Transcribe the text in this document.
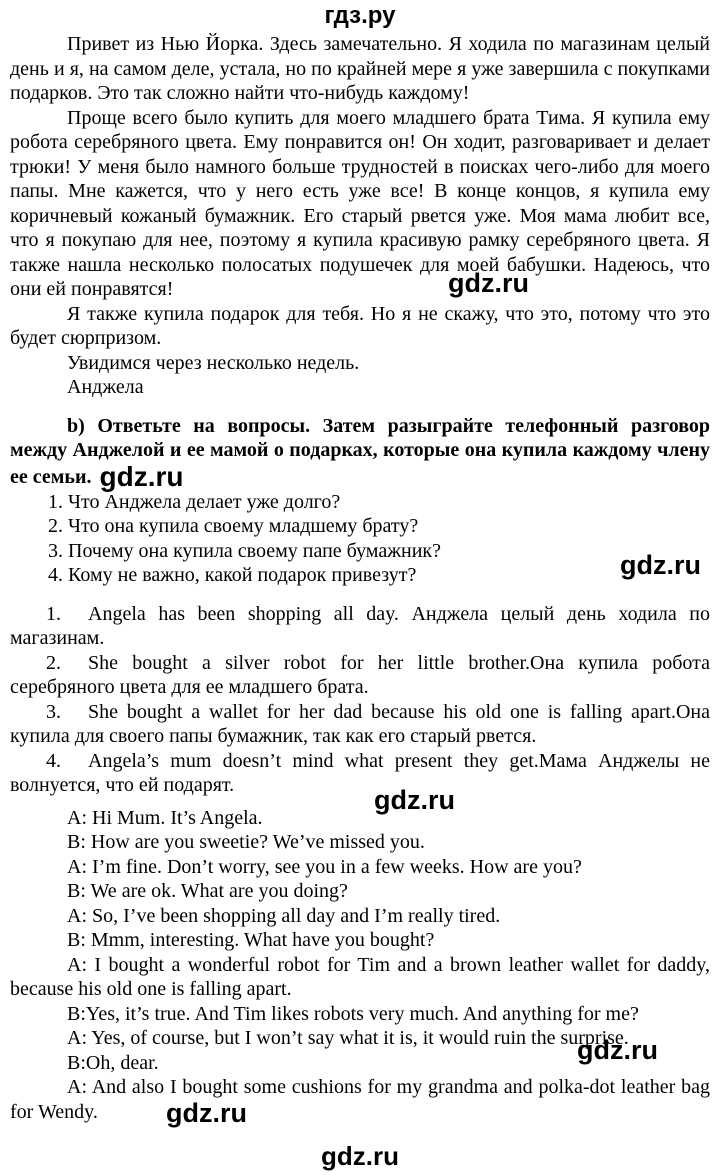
гдз.ру

Привет из Нью Йорка. Здесь замечательно. Я ходила по магазинам целый день и я, на самом деле, устала, но по крайней мере я уже завершила с покупками подарков. Это так сложно найти что-нибудь каждому!

Проще всего было купить для моего младшего брата Тима. Я купила ему робота серебряного цвета. Ему понравится он! Он ходит, разговаривает и делает трюки! У меня было намного больше трудностей в поисках чего-либо для моего папы. Мне кажется, что у него есть уже все! В конце концов, я купила ему коричневый кожаный бумажник. Его старый рвется уже. Моя мама любит все, что я покупаю для нее, поэтому я купила красивую рамку серебряного цвета. Я также нашла несколько полосатых подушечек для моей бабушки. Надеюсь, что они ей понравятся!

Я также купила подарок для тебя. Но я не скажу, что это, потому что это будет сюрпризом.

Увидимся через несколько недель.

Анджела

b) Ответьте на вопросы. Затем разыграйте телефонный разговор между Анджелой и ее мамой о подарках, которые она купила каждому члену ее семьи. gdz.ru

1. Что Анджела делает уже долго?

2. Что она купила своему младшему брату?

3. Почему она купила своему папе бумажник?

4. Кому не важно, какой подарок привезут?

1. Angela has been shopping all day. Анджела целый день ходила по магазинам.

2. She bought a silver robot for her little brother.Она купила робота серебряного цвета для ее младшего брата.

3. She bought a wallet for her dad because his old one is falling apart.Она купила для своего папы бумажник, так как его старый рвется.

4. Angela’s mum doesn’t mind what present they get.Мама Анджелы не волнуется, что ей подарят.

A: Hi Mum. It’s Angela.

B: How are you sweetie? We’ve missed you.

A: I’m fine. Don’t worry, see you in a few weeks. How are you?

B: We are ok. What are you doing?

A: So, I’ve been shopping all day and I’m really tired.

B: Mmm, interesting. What have you bought?

A: I bought a wonderful robot for Tim and a brown leather wallet for daddy, because his old one is falling apart.

B:Yes, it’s true. And Tim likes robots very much. And anything for me?

A: Yes, of course, but I won’t say what it is, it would ruin the surprise.

B:Oh, dear.

A: And also I bought some cushions for my grandma and polka-dot leather bag for Wendy.

gdz.ru
gdz.ru
gdz.ru
gdz.ru
gdz.ru
gdz.ru
